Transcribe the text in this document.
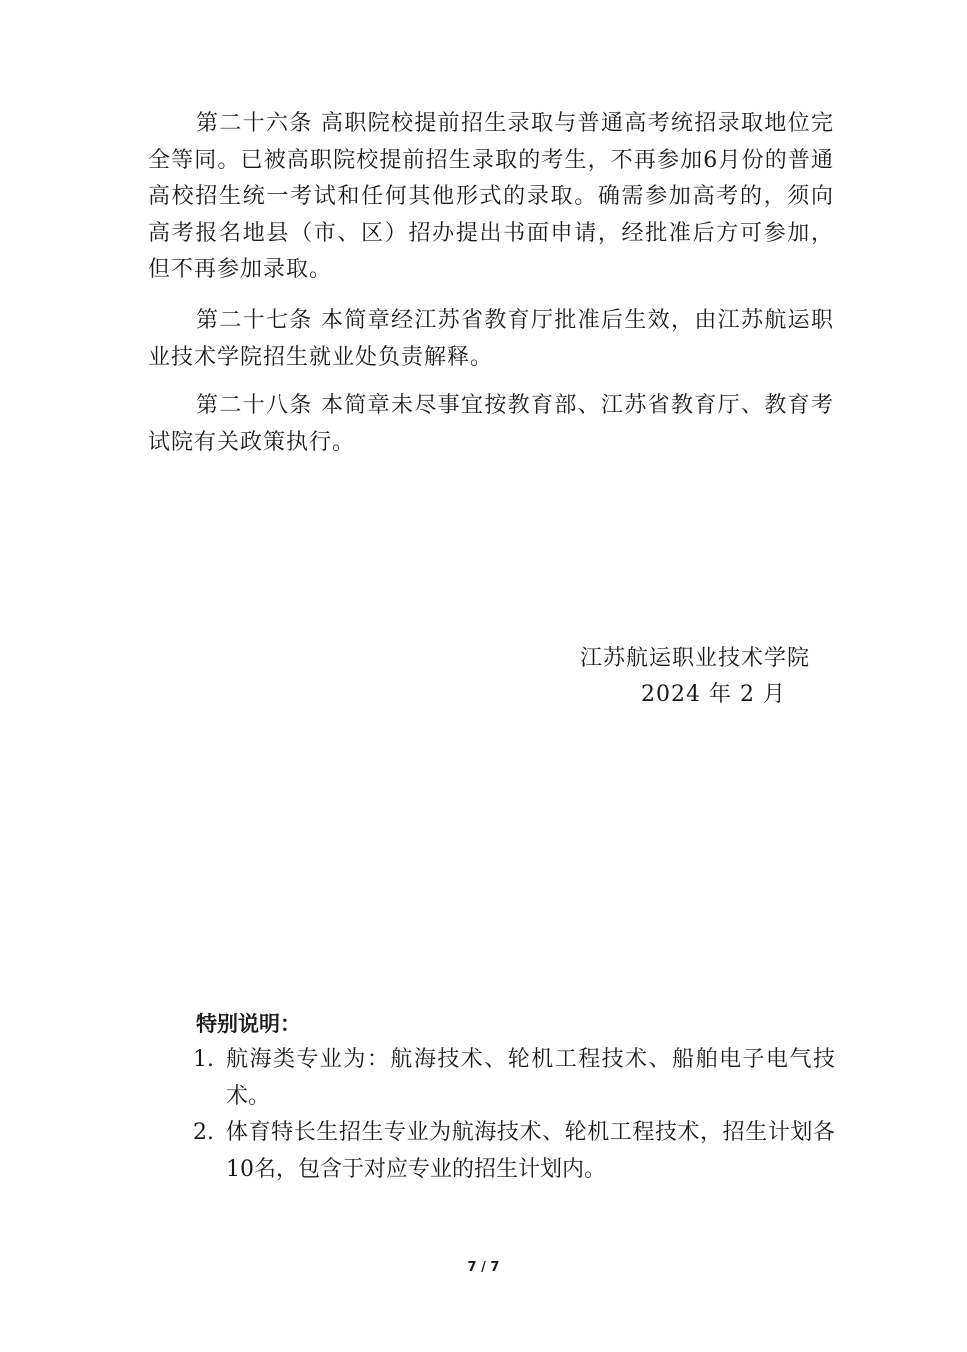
第二十六条 高职院校提前招生录取与普通高考统招录取地位完全等同。已被高职院校提前招生录取的考生，不再参加6月份的普通高校招生统一考试和任何其他形式的录取。确需参加高考的，须向高考报名地县（市、区）招办提出书面申请，经批准后方可参加，但不再参加录取。

第二十七条 本简章经江苏省教育厅批准后生效，由江苏航运职业技术学院招生就业处负责解释。

第二十八条 本简章未尽事宜按教育部、江苏省教育厅、教育考试院有关政策执行。

江苏航运职业技术学院
2024 年 2 月

特别说明：

1. 航海类专业为：航海技术、轮机工程技术、船舶电子电气技术。
2. 体育特长生招生专业为航海技术、轮机工程技术，招生计划各10名，包含于对应专业的招生计划内。
7 / 7
